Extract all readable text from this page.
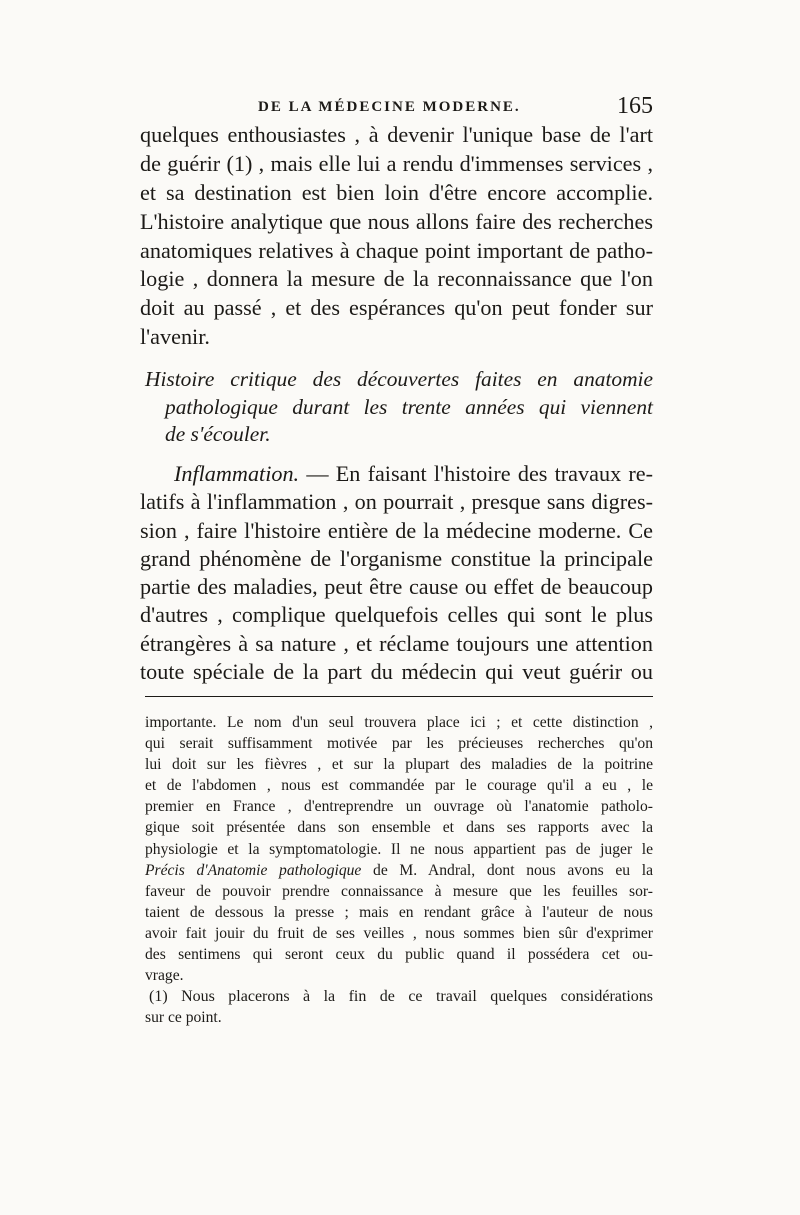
DE LA MÉDECINE MODERNE.	165
quelques enthousiastes , à devenir l'unique base de l'art
de guérir (1) , mais elle lui a rendu d'immenses services ,
et sa destination est bien loin d'être encore accomplie.
L'histoire analytique que nous allons faire des recherches
anatomiques relatives à chaque point important de patho-
logie , donnera la mesure de la reconnaissance que l'on
doit au passé , et des espérances qu'on peut fonder sur
l'avenir.
Histoire critique des découvertes faites en anatomie
pathologique durant les trente années qui viennent
de s'écouler.
Inflammation. — En faisant l'histoire des travaux re-
latifs à l'inflammation , on pourrait , presque sans digres-
sion , faire l'histoire entière de la médecine moderne. Ce
grand phénomène de l'organisme constitue la principale
partie des maladies, peut être cause ou effet de beaucoup
d'autres , complique quelquefois celles qui sont le plus
étrangères à sa nature , et réclame toujours une attention
toute spéciale de la part du médecin qui veut guérir ou
importante. Le nom d'un seul trouvera place ici ; et cette distinction ,
qui serait suffisamment motivée par les précieuses recherches qu'on
lui doit sur les fièvres , et sur la plupart des maladies de la poitrine
et de l'abdomen , nous est commandée par le courage qu'il a eu , le
premier en France , d'entreprendre un ouvrage où l'anatomie patholo-
gique soit présentée dans son ensemble et dans ses rapports avec la
physiologie et la symptomatologie. Il ne nous appartient pas de juger le
Précis d'Anatomie pathologique de M. Andral, dont nous avons eu la
faveur de pouvoir prendre connaissance à mesure que les feuilles sor-
taient de dessous la presse ; mais en rendant grâce à l'auteur de nous
avoir fait jouir du fruit de ses veilles , nous sommes bien sûr d'exprimer
des sentimens qui seront ceux du public quand il possédera cet ou-
vrage.
(1) Nous placerons à la fin de ce travail quelques considérations
sur ce point.
